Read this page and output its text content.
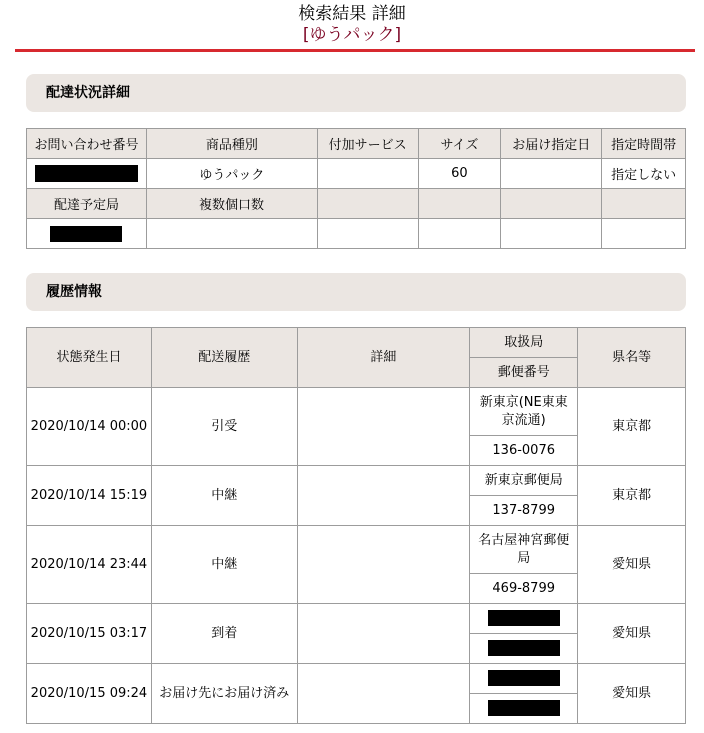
検索結果 詳細
[ゆうパック]
配達状況詳細
お問い合わせ番号	商品種別	付加サービス	サイズ	お届け指定日	指定時間帯
	ゆうパック		60		指定しない
配達予定局	複数個口数				

履歴情報
状態発生日	配送履歴	詳細	取扱局	県名等
			郵便番号	
2020/10/14 00:00	引受		新東京(NE東東京流通)	東京都
			136-0076	
2020/10/14 15:19	中継		新東京郵便局	東京都
			137-8799	
2020/10/14 23:44	中継		名古屋神宮郵便局	愛知県
			469-8799	
2020/10/15 03:17	到着			愛知県

2020/10/15 09:24	お届け先にお届け済み			愛知県
